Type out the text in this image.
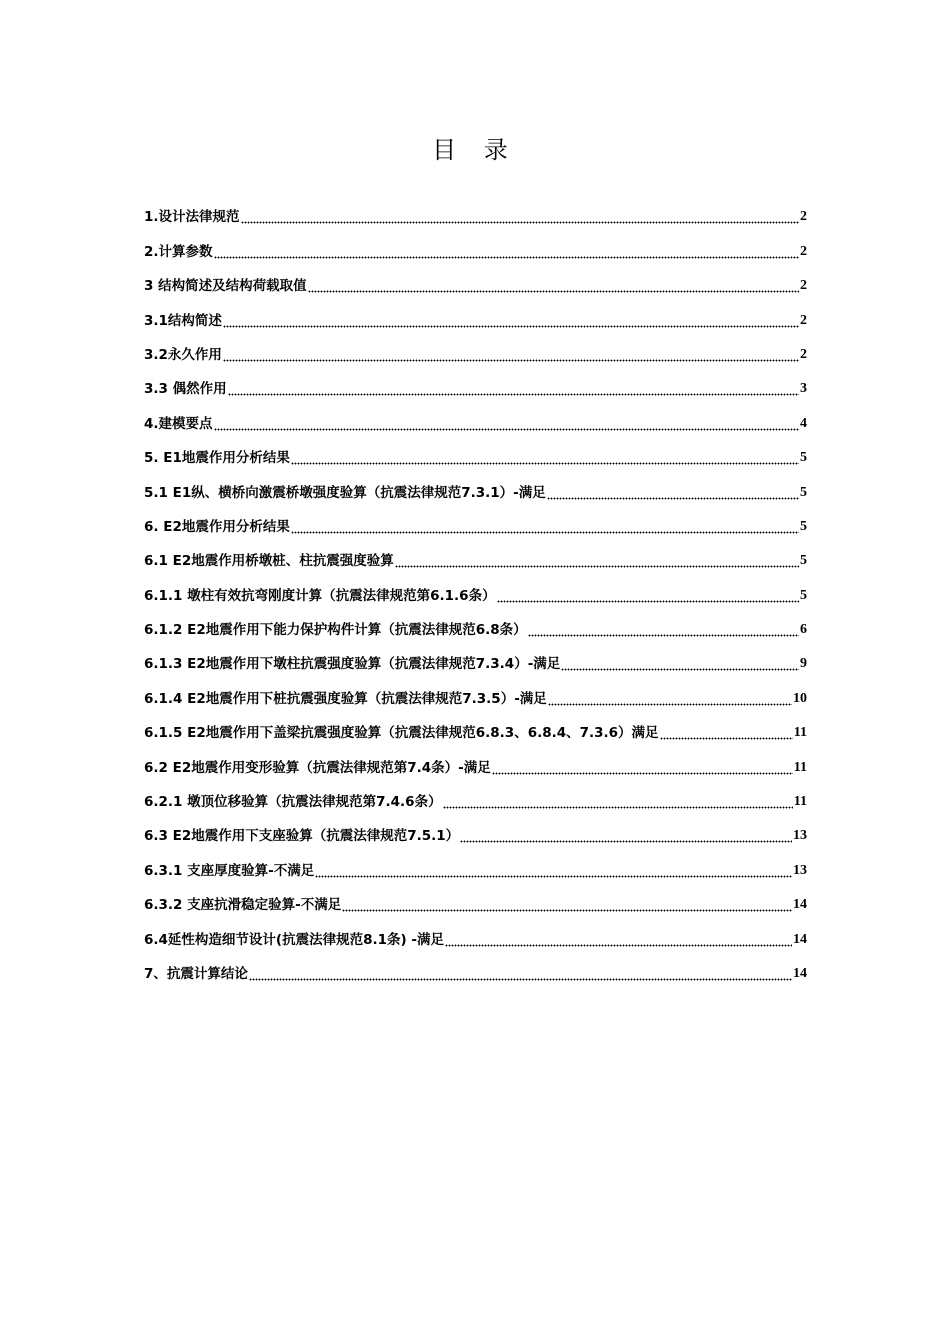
目 录
1.设计法律规范	2
2.计算参数	2
3 结构简述及结构荷载取值	2
3.1结构简述	2
3.2永久作用	2
3.3 偶然作用	3
4.建模要点	4
5. E1地震作用分析结果	5
5.1 E1纵、横桥向激震桥墩强度验算（抗震法律规范7.3.1）-满足	5
6. E2地震作用分析结果	5
6.1 E2地震作用桥墩桩、柱抗震强度验算	5
6.1.1 墩柱有效抗弯刚度计算（抗震法律规范第6.1.6条）	5
6.1.2 E2地震作用下能力保护构件计算（抗震法律规范6.8条）	6
6.1.3 E2地震作用下墩柱抗震强度验算（抗震法律规范7.3.4）-满足	9
6.1.4 E2地震作用下桩抗震强度验算（抗震法律规范7.3.5）-满足	10
6.1.5 E2地震作用下盖梁抗震强度验算（抗震法律规范6.8.3、6.8.4、7.3.6）满足	11
6.2 E2地震作用变形验算（抗震法律规范第7.4条）-满足	11
6.2.1 墩顶位移验算（抗震法律规范第7.4.6条）	11
6.3 E2地震作用下支座验算（抗震法律规范7.5.1）	13
6.3.1 支座厚度验算-不满足	13
6.3.2 支座抗滑稳定验算-不满足	14
6.4延性构造细节设计(抗震法律规范8.1条) -满足	14
7、抗震计算结论	14
